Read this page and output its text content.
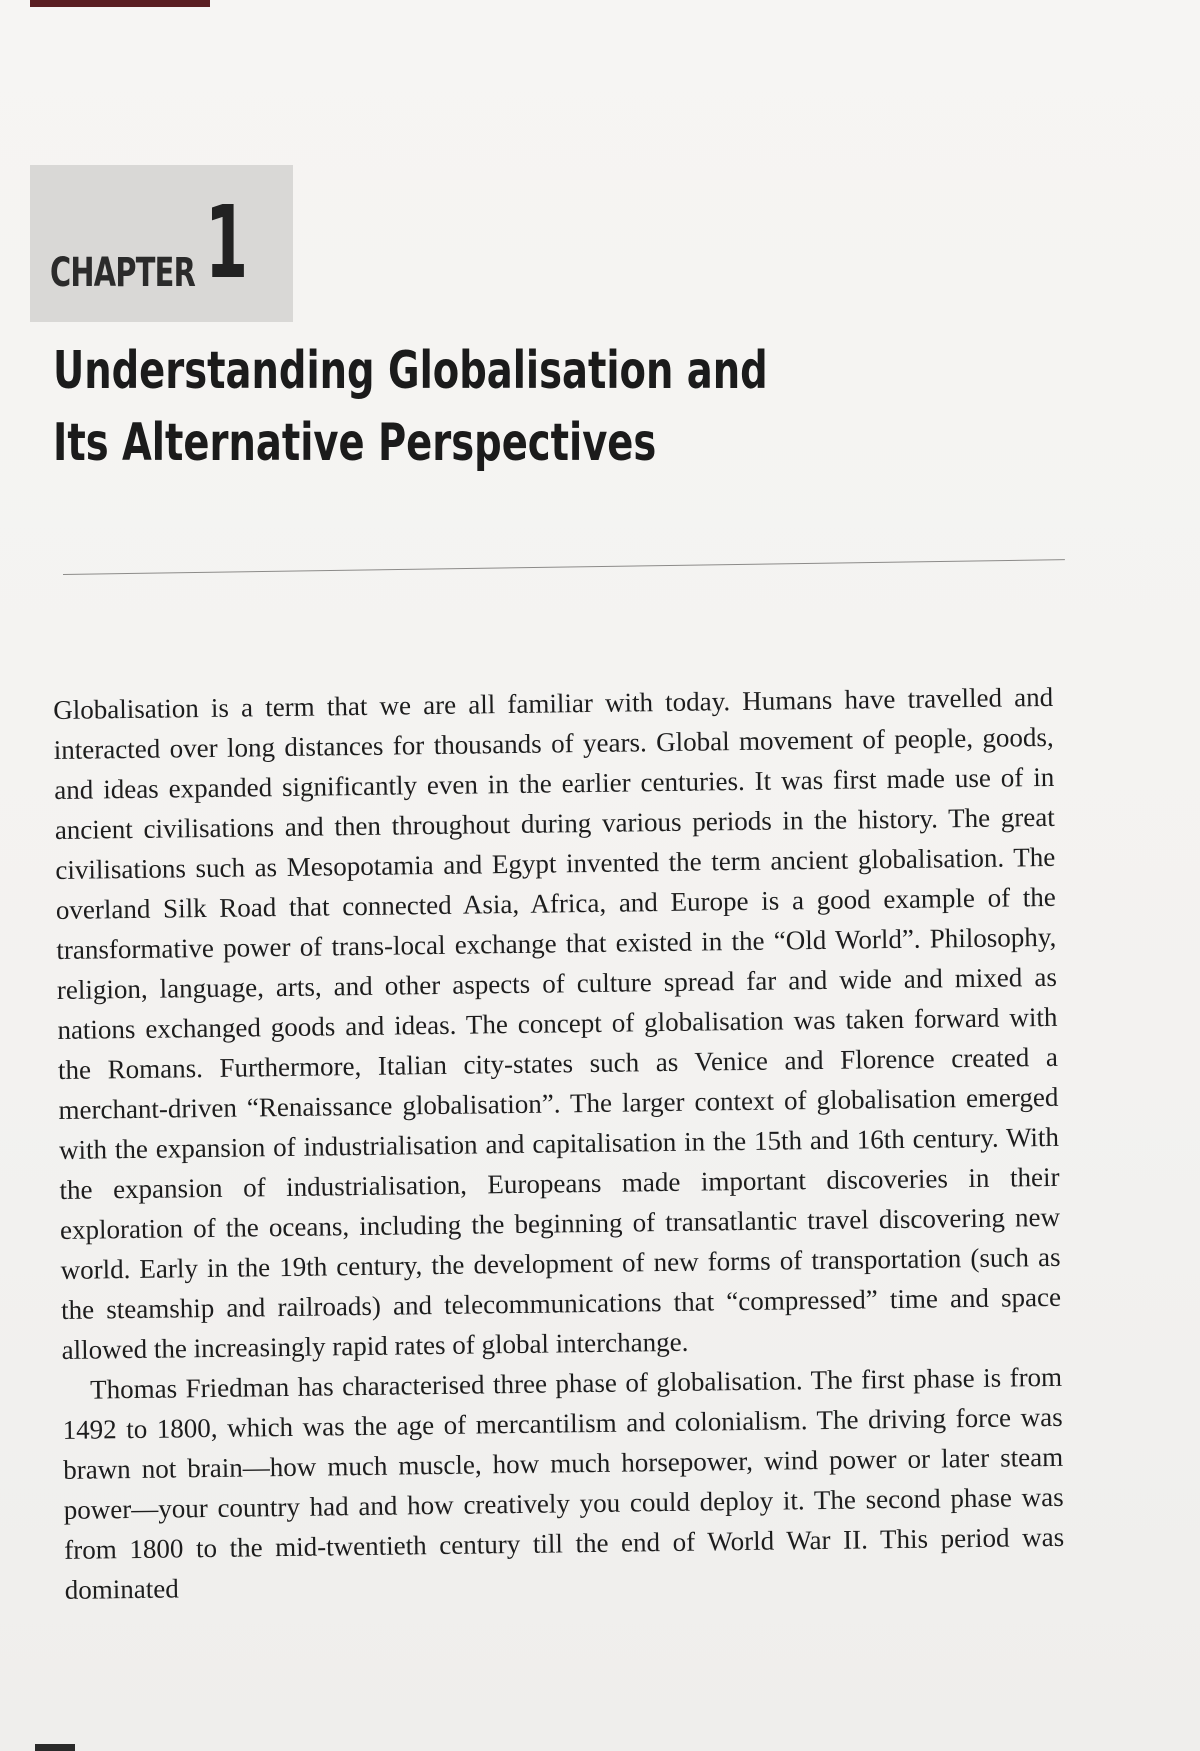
CHAPTER 1
Understanding Globalisation and
Its Alternative Perspectives

Globalisation is a term that we are all familiar with today. Humans have travelled and interacted over long distances for thousands of years. Global movement of people, goods, and ideas expanded significantly even in the earlier centuries. It was first made use of in ancient civilisations and then throughout during various periods in the history. The great civilisations such as Mesopotamia and Egypt invented the term ancient globalisation. The overland Silk Road that connected Asia, Africa, and Europe is a good example of the transformative power of trans-local exchange that existed in the “Old World”. Philosophy, religion, language, arts, and other aspects of culture spread far and wide and mixed as nations exchanged goods and ideas. The concept of globalisation was taken forward with the Romans. Furthermore, Italian city-states such as Venice and Florence created a merchant-driven “Renaissance globalisation”. The larger context of globalisation emerged with the expansion of industrialisation and capitalisation in the 15th and 16th century. With the expansion of industrialisation, Europeans made important discoveries in their exploration of the oceans, including the beginning of transatlantic travel discovering new world. Early in the 19th century, the development of new forms of transportation (such as the steamship and railroads) and telecommunications that “compressed” time and space allowed the increasingly rapid rates of global interchange.

Thomas Friedman has characterised three phase of globalisation. The first phase is from 1492 to 1800, which was the age of mercantilism and colonialism. The driving force was brawn not brain—how much muscle, how much horsepower, wind power or later steam power—your country had and how creatively you could deploy it. The second phase was from 1800 to the mid-twentieth century till the end of World War II. This period was dominated
